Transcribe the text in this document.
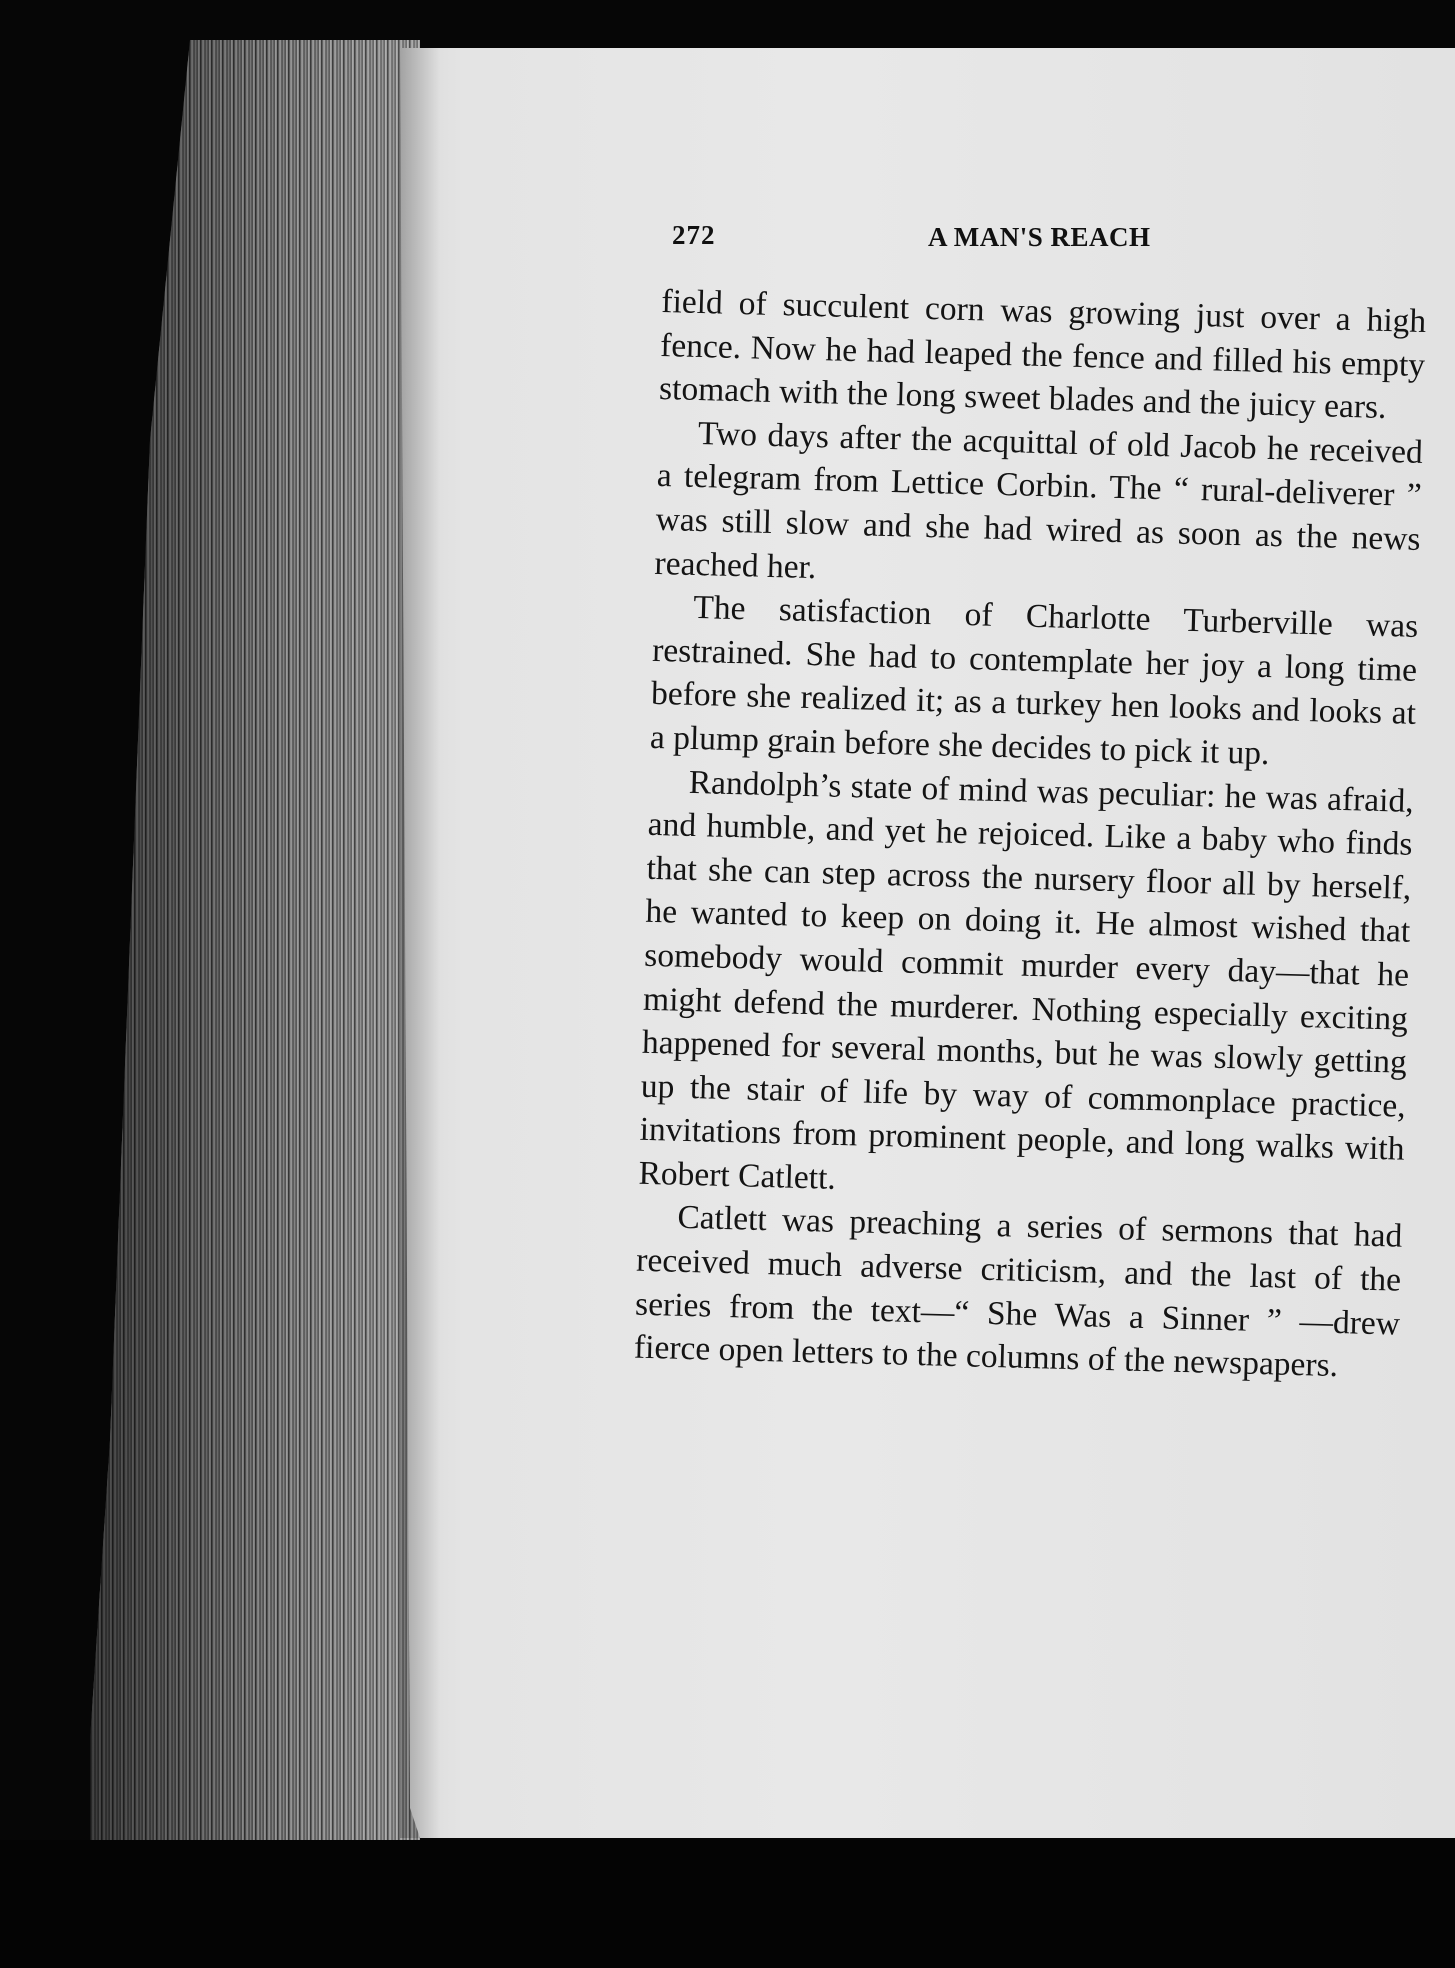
272	A MAN'S REACH

field of succulent corn was growing just over a high fence. Now he had leaped the fence and filled his empty stomach with the long sweet blades and the juicy ears.

Two days after the acquittal of old Jacob he received a telegram from Lettice Corbin. The “ rural-deliverer ” was still slow and she had wired as soon as the news reached her.

The satisfaction of Charlotte Turberville was restrained. She had to contemplate her joy a long time before she realized it; as a turkey hen looks and looks at a plump grain before she decides to pick it up.

Randolph’s state of mind was peculiar: he was afraid, and humble, and yet he rejoiced. Like a baby who finds that she can step across the nursery floor all by herself, he wanted to keep on doing it. He almost wished that somebody would commit murder every day—that he might defend the murderer. Nothing especially exciting happened for several months, but he was slowly getting up the stair of life by way of commonplace practice, invitations from prominent people, and long walks with Robert Catlett.

Catlett was preaching a series of sermons that had received much adverse criticism, and the last of the series from the text—“ She Was a Sinner ” —drew fierce open letters to the columns of the newspapers.
